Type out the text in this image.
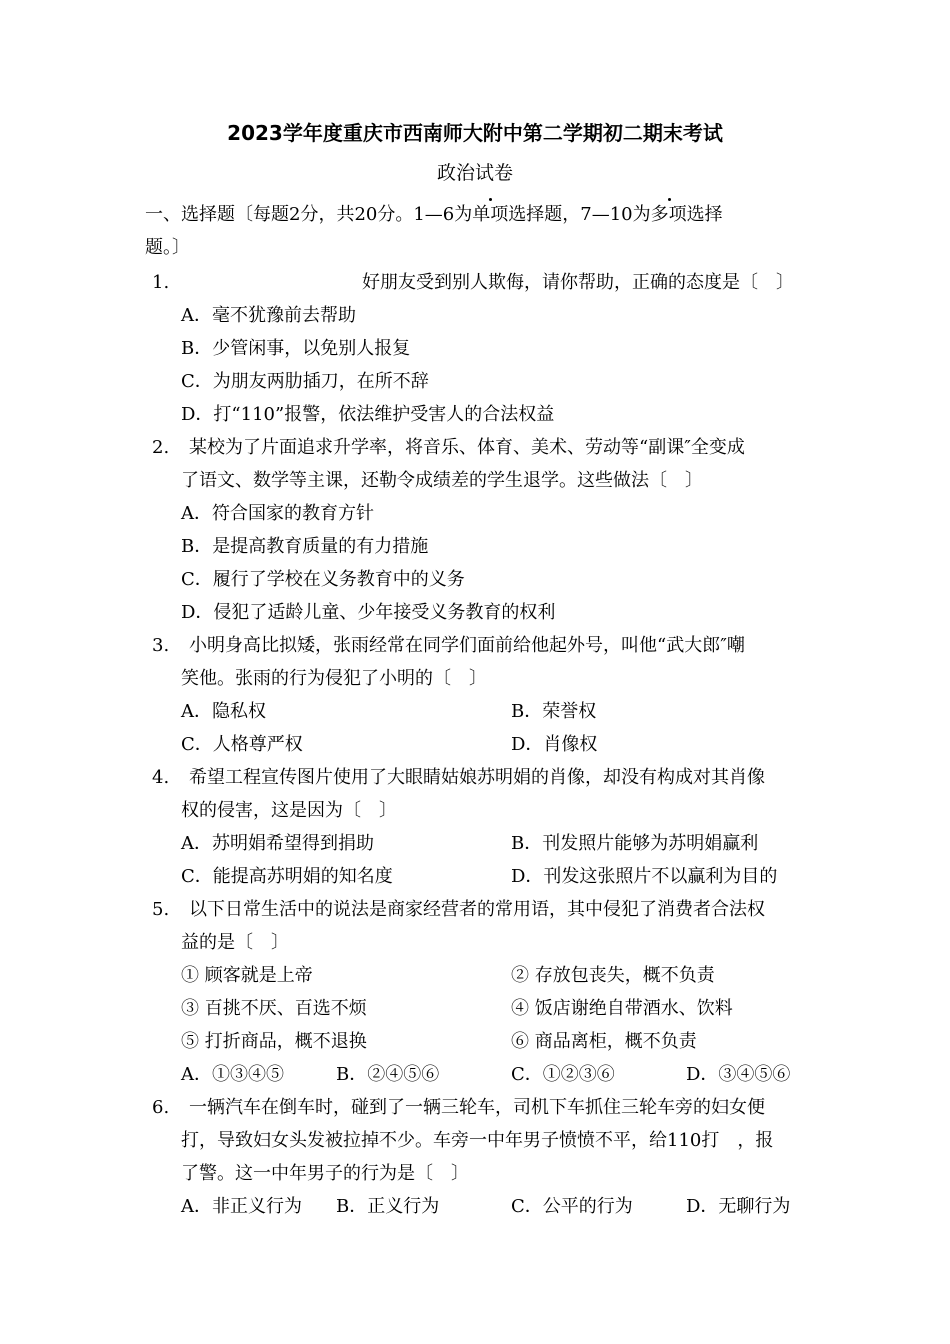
2023学年度重庆市西南师大附中第二学期初二期末考试
政治试卷
一、选择题〔每题2分，共20分。1—6为单项选择题，7—10为多项选择
题。〕
1.	好朋友受到别人欺侮，请你帮助，正确的态度是〔　〕
A．毫不犹豫前去帮助
B．少管闲事，以免别人报复
C．为朋友两肋插刀，在所不辞
D．打“110”报警，依法维护受害人的合法权益
2. 某校为了片面追求升学率，将音乐、体育、美术、劳动等“副课″全变成
了语文、数学等主课，还勒令成绩差的学生退学。这些做法〔　〕
A．符合国家的教育方针
B．是提高教育质量的有力措施
C．履行了学校在义务教育中的义务
D．侵犯了适龄儿童、少年接受义务教育的权利
3. 小明身高比拟矮，张雨经常在同学们面前给他起外号，叫他“武大郎″嘲
笑他。张雨的行为侵犯了小明的〔　〕
A．隐私权	B．荣誉权
C．人格尊严权	D．肖像权
4. 希望工程宣传图片使用了大眼睛姑娘苏明娟的肖像，却没有构成对其肖像
权的侵害，这是因为〔　〕
A．苏明娟希望得到捐助	B．刊发照片能够为苏明娟赢利
C．能提高苏明娟的知名度	D．刊发这张照片不以赢利为目的
5. 以下日常生活中的说法是商家经营者的常用语，其中侵犯了消费者合法权
益的是〔　〕
① 顾客就是上帝	② 存放包丧失，概不负责
③ 百挑不厌、百选不烦	④ 饭店谢绝自带酒水、饮料
⑤ 打折商品，概不退换	⑥ 商品离柜，概不负责
A．①③④⑤	B．②④⑤⑥	C．①②③⑥	D．③④⑤⑥
6. 一辆汽车在倒车时，碰到了一辆三轮车，司机下车抓住三轮车旁的妇女便
打，导致妇女头发被拉掉不少。车旁一中年男子愤愤不平，给110打　，报
了警。这一中年男子的行为是〔　〕
A．非正义行为 B．正义行为	C．公平的行为	D．无聊行为
